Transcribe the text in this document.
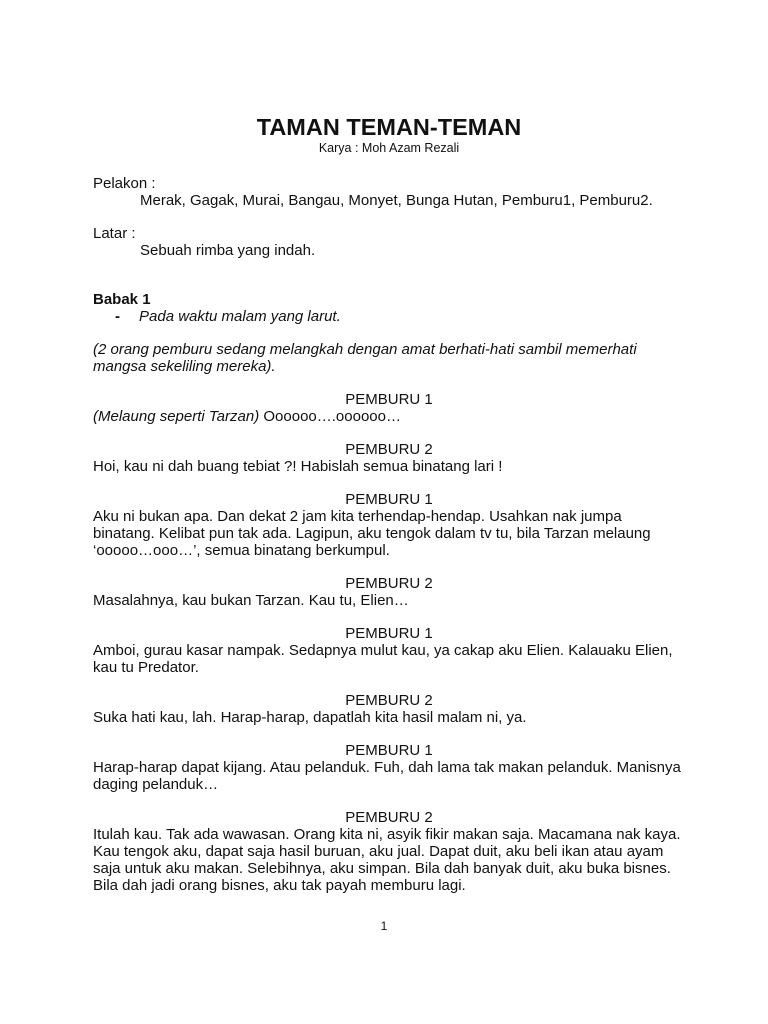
TAMAN TEMAN-TEMAN

Karya : Moh Azam Rezali

Pelakon :

Merak, Gagak, Murai, Bangau, Monyet, Bunga Hutan, Pemburu1, Pemburu2.

Latar :

Sebuah rimba yang indah.

Babak 1

- Pada waktu malam yang larut.

(2 orang pemburu sedang melangkah dengan amat berhati-hati sambil memerhati mangsa sekeliling mereka).

PEMBURU 1

(Melaung seperti Tarzan) Oooooo….oooooo…

PEMBURU 2

Hoi, kau ni dah buang tebiat ?! Habislah semua binatang lari !

PEMBURU 1

Aku ni bukan apa. Dan dekat 2 jam kita terhendap-hendap. Usahkan nak jumpa binatang. Kelibat pun tak ada. Lagipun, aku tengok dalam tv tu, bila Tarzan melaung ‘ooooo…ooo…’, semua binatang berkumpul.

PEMBURU 2

Masalahnya, kau bukan Tarzan. Kau tu, Elien…

PEMBURU 1

Amboi, gurau kasar nampak. Sedapnya mulut kau, ya cakap aku Elien. Kalauaku Elien, kau tu Predator.

PEMBURU 2

Suka hati kau, lah. Harap-harap, dapatlah kita hasil malam ni, ya.

PEMBURU 1

Harap-harap dapat kijang. Atau pelanduk. Fuh, dah lama tak makan pelanduk. Manisnya daging pelanduk…

PEMBURU 2

Itulah kau. Tak ada wawasan. Orang kita ni, asyik fikir makan saja. Macamana nak kaya. Kau tengok aku, dapat saja hasil buruan, aku jual. Dapat duit, aku beli ikan atau ayam saja untuk aku makan. Selebihnya, aku simpan. Bila dah banyak duit, aku buka bisnes. Bila dah jadi orang bisnes, aku tak payah memburu lagi.

1
